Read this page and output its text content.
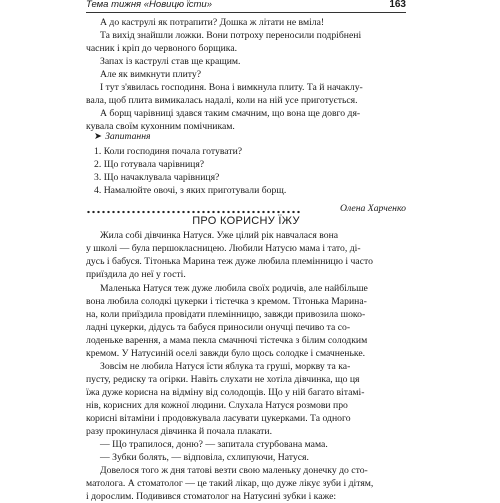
Тема тижня «Новицю їсти»	163
А до каструлі як потрапити? Дошка ж літати не вміла!
Та вихід знайшли ложки. Вони потроху переносили подрібнені
часник і кріп до червоного борщика.
Запах із каструлі став ще кращим.
Але як вимкнути плиту?
І тут з'явилась господиня. Вона і вимкнула плиту. Та й начаклу-
вала, щоб плита вимикалась надалі, коли на ній усе приготується.
А борщ чарівниці здався таким смачним, що вона ще довго дя-
кувала своїм кухонним помічникам.
➤ Запитання
1. Коли господиня почала готувати?
2. Що готувала чарівниця?
3. Що начаклувала чарівниця?
4. Намалюйте овочі, з яких приготували борщ.
Олена Харченко
ПРО КОРИСНУ ЇЖУ
Жила собі дівчинка Натуся. Уже цілий рік навчалася вона
у школі — була першокласницею. Любили Натусю мама і тато, ді-
дусь і бабуся. Тітонька Марина теж дуже любила племінницю і часто
приїздила до неї у гості.
Маленька Натуся теж дуже любила своїх родичів, але найбільше
вона любила солодкі цукерки і тістечка з кремом. Тітонька Марина-
на, коли приїздила провідати племінницю, завжди привозила шоко-
ладні цукерки, дідусь та бабуся приносили онучці печиво та со-
лоденьке варення, а мама пекла смачнючі тістечка з білим солодким
кремом. У Натусиній оселі завжди було щось солодке і смачненьке.
Зовсім не любила Натуся їсти яблука та груші, моркву та ка-
пусту, редиску та огірки. Навіть слухати не хотіла дівчинка, що ця
їжа дуже корисна на відміну від солодощів. Що у ній багато вітамі-
нів, корисних для кожної людини. Слухала Натуся розмови про
корисні вітаміни і продовжувала ласувати цукерками. Та одного
разу прокинулася дівчинка й почала плакати.
— Що трапилося, доню? — запитала стурбована мама.
— Зубки болять, — відповіла, схлипуючи, Натуся.
Довелося того ж дня татові везти свою маленьку донечку до сто-
матолога. А стоматолог — це такий лікар, що дуже лікує зуби і дітям,
і дорослим. Подивився стоматолог на Натусині зубки і каже:
